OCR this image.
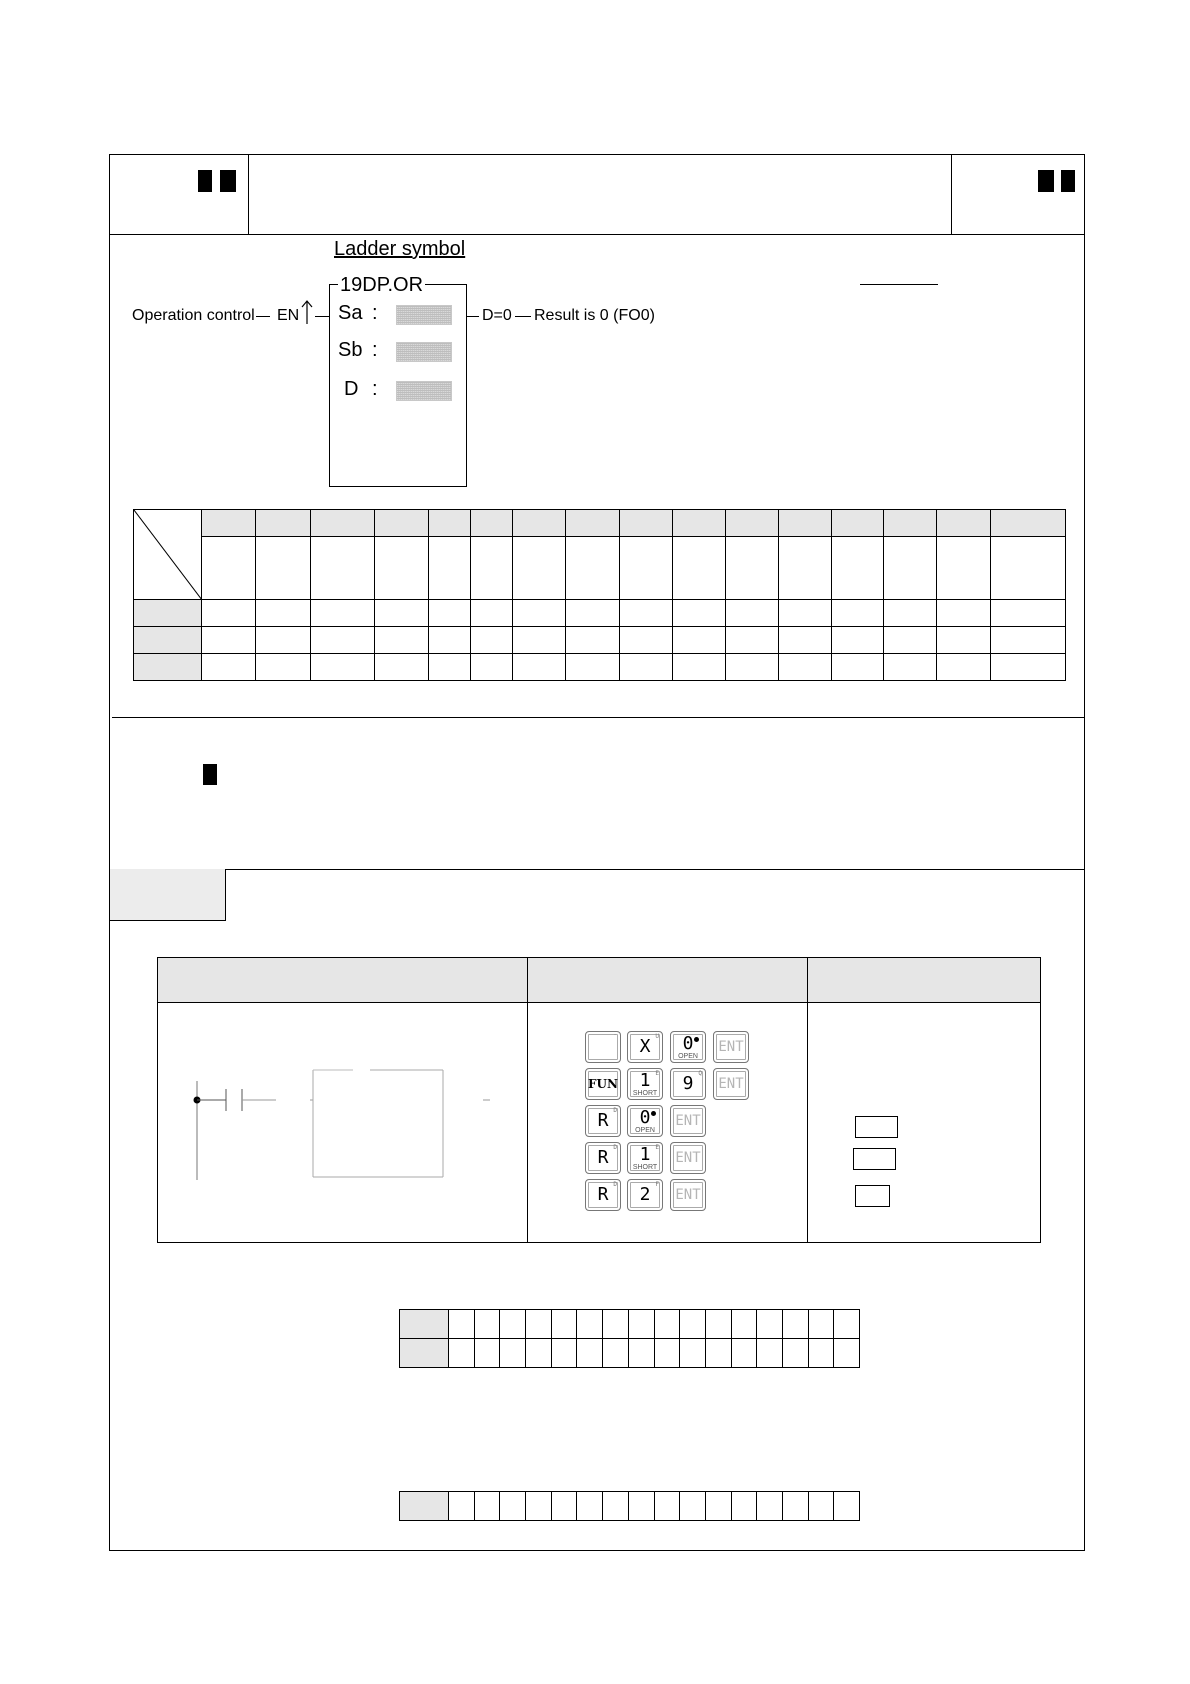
Ladder symbol
19DP.OR
Operation control EN Sa :
Sb :
D :
D=0 Result is 0 (FO0)

⁻	U
X	0
OPEN
ENT
FUN
E
1
SHORT
Q
9	ENT
D
R	0
OPEN
ENT
D
R	E
1
SHORT
ENT
D
R	F
2	ENT
